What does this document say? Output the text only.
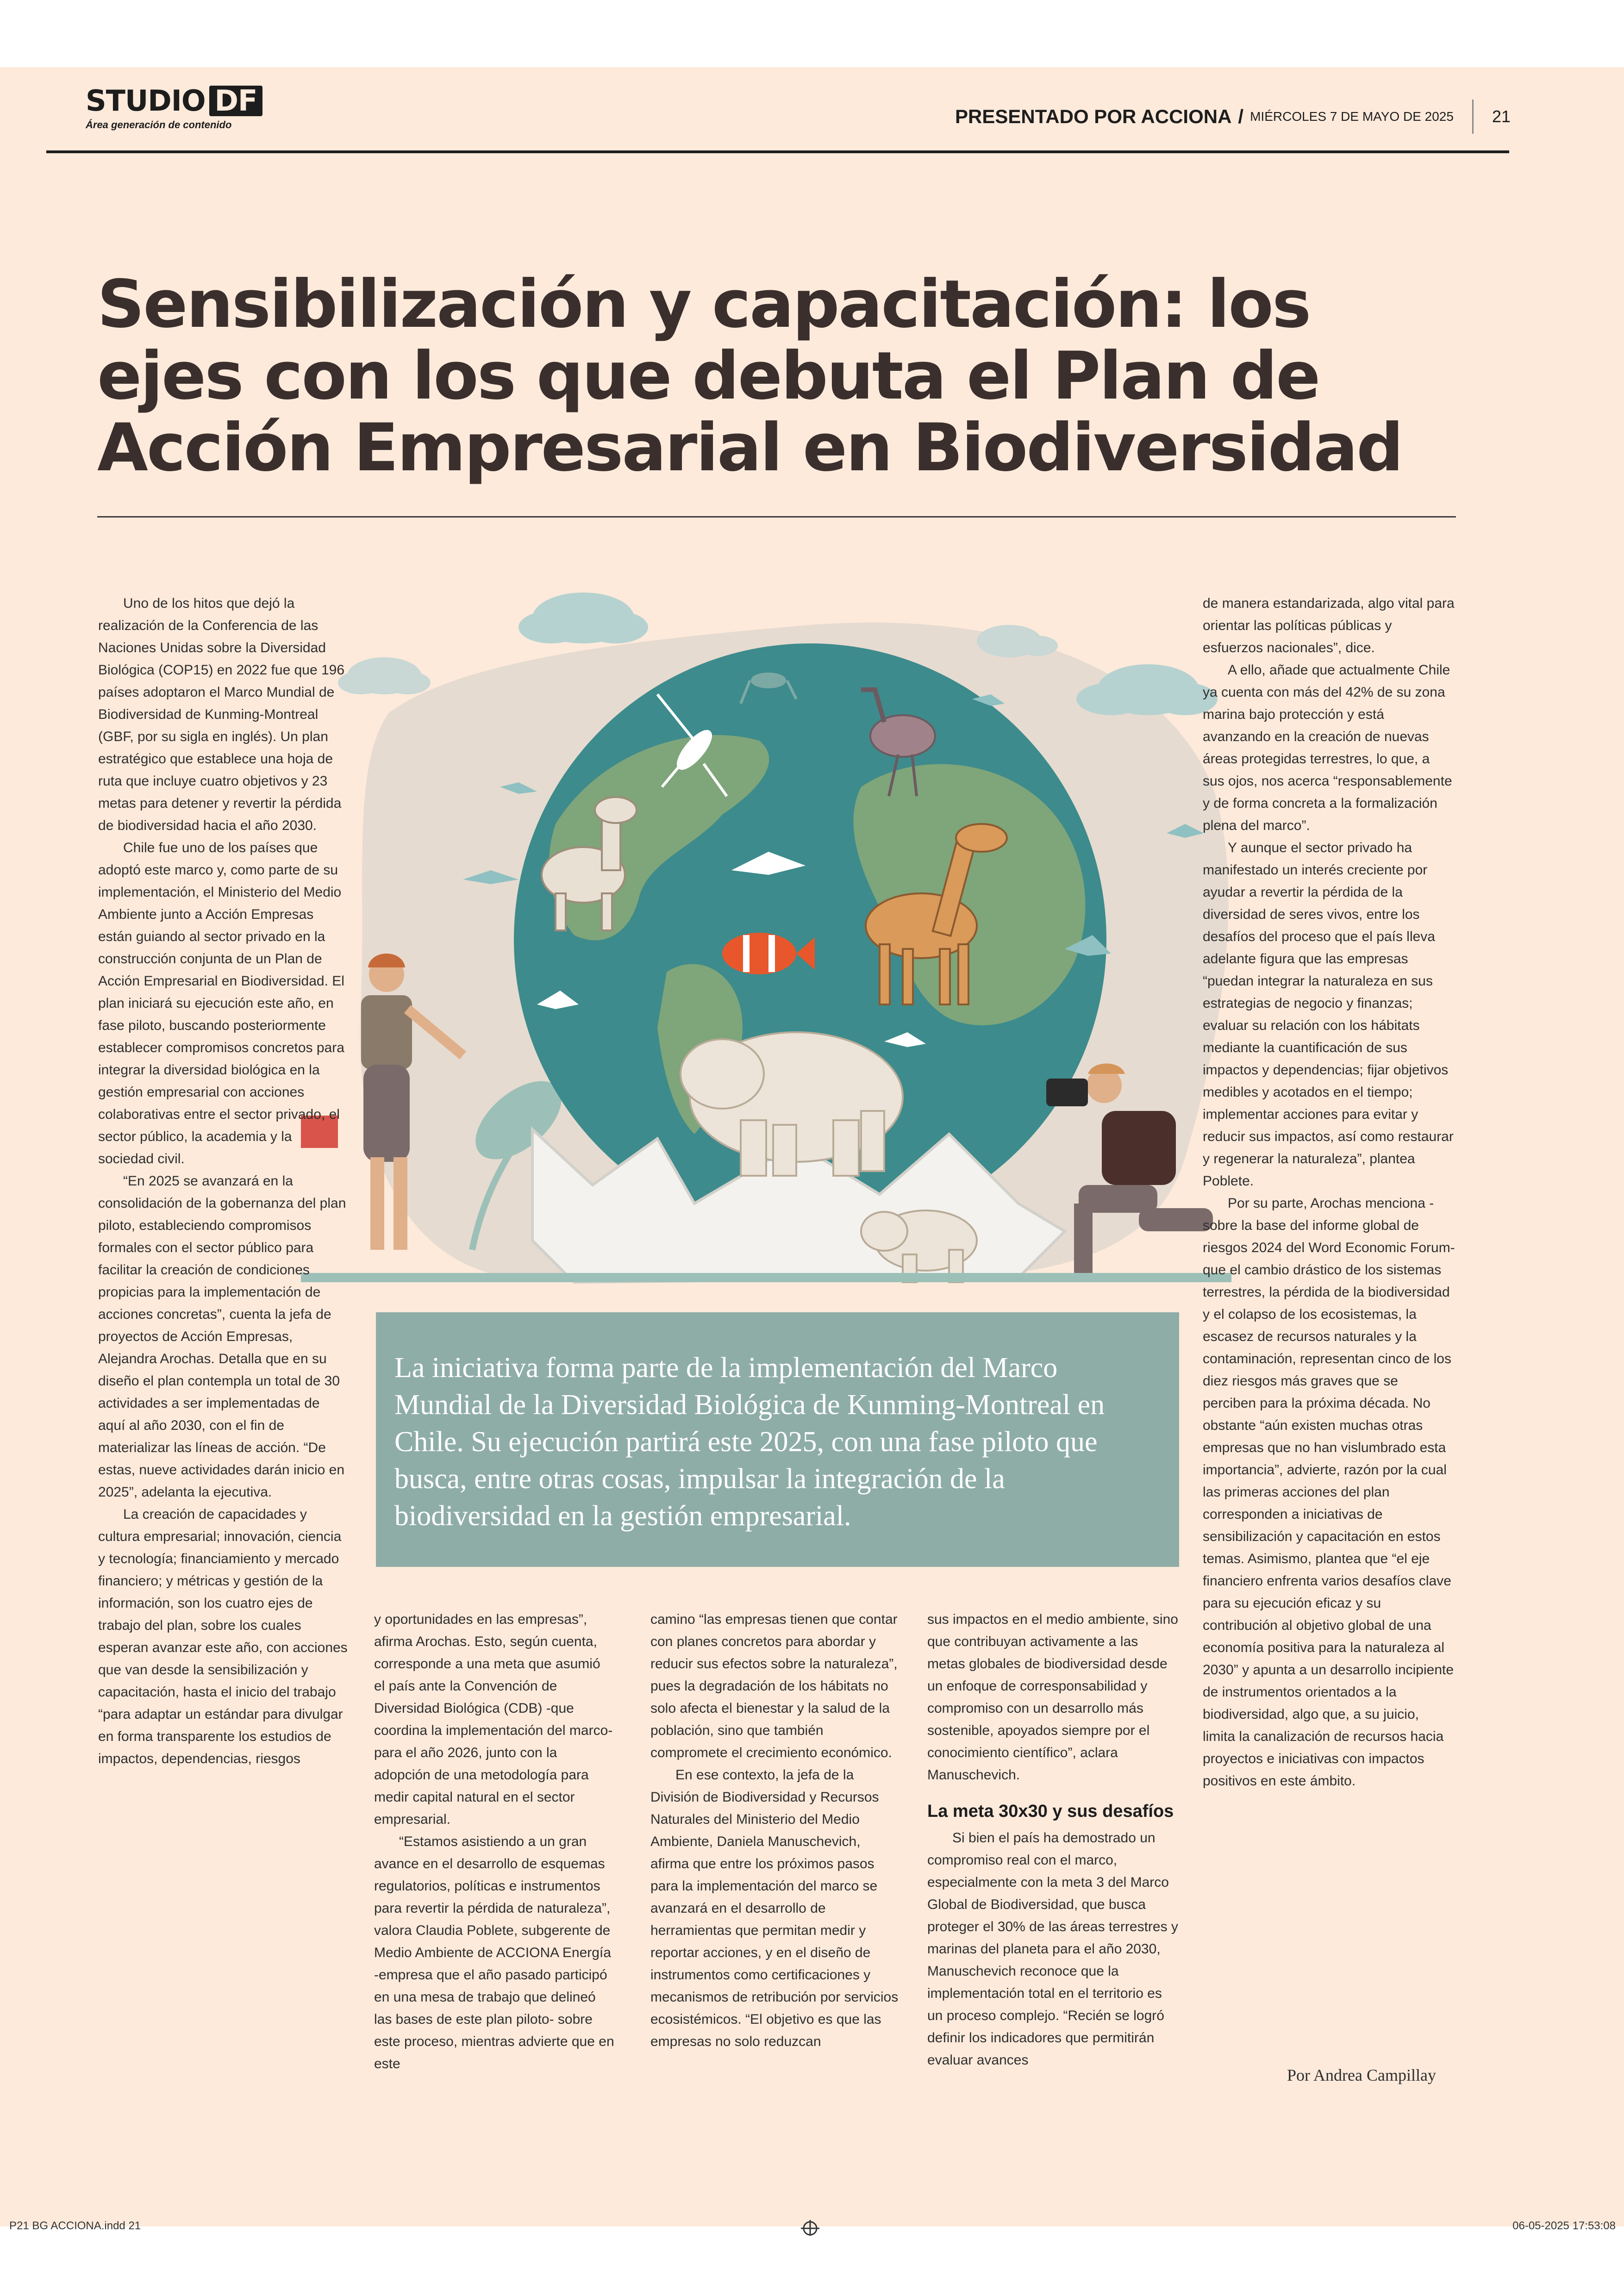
STUDIO DF
Área generación de contenido	PRESENTADO POR ACCIONA / MIÉRCOLES 7 DE MAYO DE 2025 21
Sensibilización y capacitación: los ejes con los que debuta el Plan de Acción Empresarial en Biodiversidad

Uno de los hitos que dejó la realización de la Conferencia de las Naciones Unidas sobre la Diversidad Biológica (COP15) en 2022 fue que 196 países adoptaron el Marco Mundial de Biodiversidad de Kunming-Montreal (GBF, por su sigla en inglés). Un plan estratégico que establece una hoja de ruta que incluye cuatro objetivos y 23 metas para detener y revertir la pérdida de biodiversidad hacia el año 2030.

Chile fue uno de los países que adoptó este marco y, como parte de su implementación, el Ministerio del Medio Ambiente junto a Acción Empresas están guiando al sector privado en la construcción conjunta de un Plan de Acción Empresarial en Biodiversidad. El plan iniciará su ejecución este año, en fase piloto, buscando posteriormente establecer compromisos concretos para integrar la diversidad biológica en la gestión empresarial con acciones colaborativas entre el sector privado, el sector público, la academia y la sociedad civil.

“En 2025 se avanzará en la consolidación de la gobernanza del plan piloto, estableciendo compromisos formales con el sector público para facilitar la creación de condiciones propicias para la implementación de acciones concretas”, cuenta la jefa de proyectos de Acción Empresas, Alejandra Arochas. Detalla que en su diseño el plan contempla un total de 30 actividades a ser implementadas de aquí al año 2030, con el fin de materializar las líneas de acción. “De estas, nueve actividades darán inicio en 2025”, adelanta la ejecutiva.

La creación de capacidades y cultura empresarial; innovación, ciencia y tecnología; financiamiento y mercado financiero; y métricas y gestión de la información, son los cuatro ejes de trabajo del plan, sobre los cuales esperan avanzar este año, con acciones que van desde la sensibilización y capacitación, hasta el inicio del trabajo “para adaptar un estándar para divulgar en forma transparente los estudios de impactos, dependencias, riesgos

La iniciativa forma parte de la implementación del Marco Mundial de la Diversidad Biológica de Kunming-Montreal en Chile. Su ejecución partirá este 2025, con una fase piloto que busca, entre otras cosas, impulsar la integración de la biodiversidad en la gestión empresarial.

y oportunidades en las empresas”, afirma Arochas. Esto, según cuenta, corresponde a una meta que asumió el país ante la Convención de Diversidad Biológica (CDB) -que coordina la implementación del marco- para el año 2026, junto con la adopción de una metodología para medir capital natural en el sector empresarial.

“Estamos asistiendo a un gran avance en el desarrollo de esquemas regulatorios, políticas e instrumentos para revertir la pérdida de naturaleza”, valora Claudia Poblete, subgerente de Medio Ambiente de ACCIONA Energía -empresa que el año pasado participó en una mesa de trabajo que delineó las bases de este plan piloto- sobre este proceso, mientras advierte que en este

camino “las empresas tienen que contar con planes concretos para abordar y reducir sus efectos sobre la naturaleza”, pues la degradación de los hábitats no solo afecta el bienestar y la salud de la población, sino que también compromete el crecimiento económico.

En ese contexto, la jefa de la División de Biodiversidad y Recursos Naturales del Ministerio del Medio Ambiente, Daniela Manuschevich, afirma que entre los próximos pasos para la implementación del marco se avanzará en el desarrollo de herramientas que permitan medir y reportar acciones, y en el diseño de instrumentos como certificaciones y mecanismos de retribución por servicios ecosistémicos. “El objetivo es que las empresas no solo reduzcan

sus impactos en el medio ambiente, sino que contribuyan activamente a las metas globales de biodiversidad desde un enfoque de corresponsabilidad y compromiso con un desarrollo más sostenible, apoyados siempre por el conocimiento científico”, aclara Manuschevich.

La meta 30x30 y sus desafíos

Si bien el país ha demostrado un compromiso real con el marco, especialmente con la meta 3 del Marco Global de Biodiversidad, que busca proteger el 30% de las áreas terrestres y marinas del planeta para el año 2030, Manuschevich reconoce que la implementación total en el territorio es un proceso complejo. “Recién se logró definir los indicadores que permitirán evaluar avances

de manera estandarizada, algo vital para orientar las políticas públicas y esfuerzos nacionales”, dice.

A ello, añade que actualmente Chile ya cuenta con más del 42% de su zona marina bajo protección y está avanzando en la creación de nuevas áreas protegidas terrestres, lo que, a sus ojos, nos acerca “responsablemente y de forma concreta a la formalización plena del marco”.

Y aunque el sector privado ha manifestado un interés creciente por ayudar a revertir la pérdida de la diversidad de seres vivos, entre los desafíos del proceso que el país lleva adelante figura que las empresas “puedan integrar la naturaleza en sus estrategias de negocio y finanzas; evaluar su relación con los hábitats mediante la cuantificación de sus impactos y dependencias; fijar objetivos medibles y acotados en el tiempo; implementar acciones para evitar y reducir sus impactos, así como restaurar y regenerar la naturaleza”, plantea Poblete.

Por su parte, Arochas menciona -sobre la base del informe global de riesgos 2024 del Word Economic Forum- que el cambio drástico de los sistemas terrestres, la pérdida de la biodiversidad y el colapso de los ecosistemas, la escasez de recursos naturales y la contaminación, representan cinco de los diez riesgos más graves que se perciben para la próxima década. No obstante “aún existen muchas otras empresas que no han vislumbrado esta importancia”, advierte, razón por la cual las primeras acciones del plan corresponden a iniciativas de sensibilización y capacitación en estos temas. Asimismo, plantea que “el eje financiero enfrenta varios desafíos clave para su ejecución eficaz y su contribución al objetivo global de una economía positiva para la naturaleza al 2030” y apunta a un desarrollo incipiente de instrumentos orientados a la biodiversidad, algo que, a su juicio, limita la canalización de recursos hacia proyectos e iniciativas con impactos positivos en este ámbito.

Por Andrea Campillay
P21 BG ACCIONA.indd 21	06-05-2025 17:53:08
